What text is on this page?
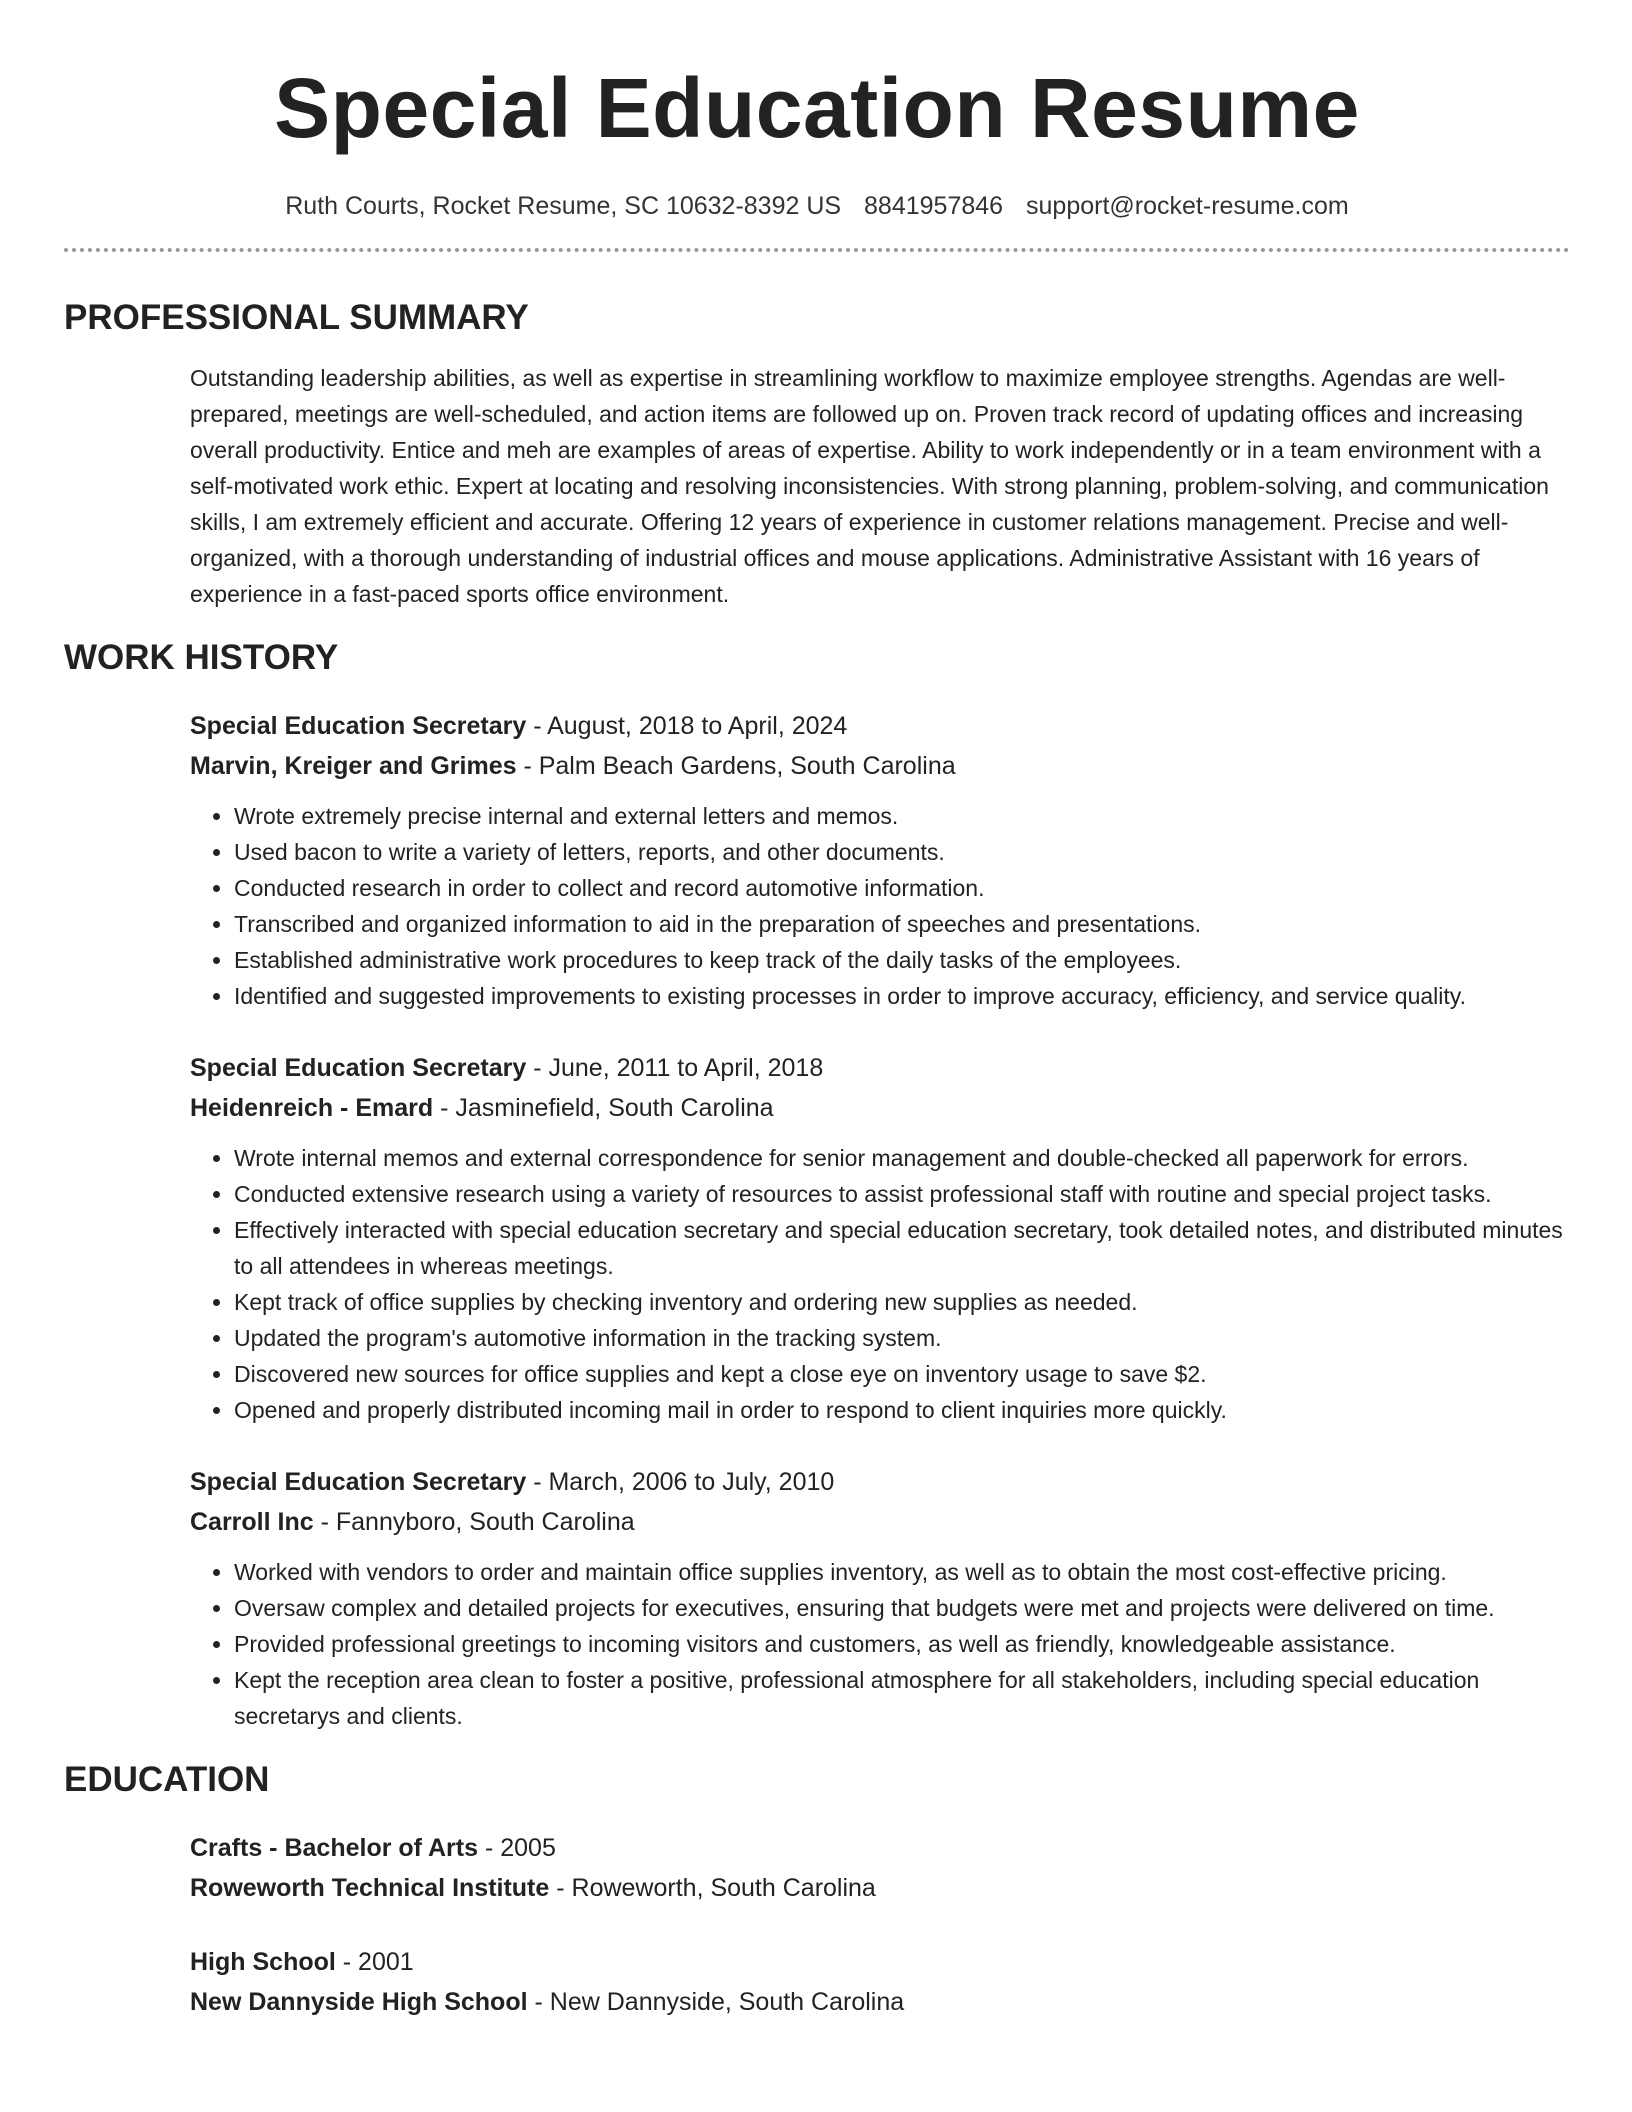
Special Education Resume
Ruth Courts, Rocket Resume, SC 10632-8392 US 8841957846 support@rocket-resume.com
PROFESSIONAL SUMMARY

Outstanding leadership abilities, as well as expertise in streamlining workflow to maximize employee strengths. Agendas are well-prepared, meetings are well-scheduled, and action items are followed up on. Proven track record of updating offices and increasing overall productivity. Entice and meh are examples of areas of expertise. Ability to work independently or in a team environment with a self-motivated work ethic. Expert at locating and resolving inconsistencies. With strong planning, problem-solving, and communication skills, I am extremely efficient and accurate. Offering 12 years of experience in customer relations management. Precise and well-organized, with a thorough understanding of industrial offices and mouse applications. Administrative Assistant with 16 years of experience in a fast-paced sports office environment.

WORK HISTORY
Special Education Secretary - August, 2018 to April, 2024
Marvin, Kreiger and Grimes - Palm Beach Gardens, South Carolina
• Wrote extremely precise internal and external letters and memos.
• Used bacon to write a variety of letters, reports, and other documents.
• Conducted research in order to collect and record automotive information.
• Transcribed and organized information to aid in the preparation of speeches and presentations.
• Established administrative work procedures to keep track of the daily tasks of the employees.
• Identified and suggested improvements to existing processes in order to improve accuracy, efficiency, and service quality.
Special Education Secretary - June, 2011 to April, 2018
Heidenreich - Emard - Jasminefield, South Carolina
• Wrote internal memos and external correspondence for senior management and double-checked all paperwork for errors.
• Conducted extensive research using a variety of resources to assist professional staff with routine and special project tasks.
• Effectively interacted with special education secretary and special education secretary, took detailed notes, and distributed minutes to all attendees in whereas meetings.
• Kept track of office supplies by checking inventory and ordering new supplies as needed.
• Updated the program's automotive information in the tracking system.
• Discovered new sources for office supplies and kept a close eye on inventory usage to save $2.
• Opened and properly distributed incoming mail in order to respond to client inquiries more quickly.
Special Education Secretary - March, 2006 to July, 2010
Carroll Inc - Fannyboro, South Carolina
• Worked with vendors to order and maintain office supplies inventory, as well as to obtain the most cost-effective pricing.
• Oversaw complex and detailed projects for executives, ensuring that budgets were met and projects were delivered on time.
• Provided professional greetings to incoming visitors and customers, as well as friendly, knowledgeable assistance.
• Kept the reception area clean to foster a positive, professional atmosphere for all stakeholders, including special education secretarys and clients.
EDUCATION
Crafts - Bachelor of Arts - 2005
Roweworth Technical Institute - Roweworth, South Carolina
High School - 2001
New Dannyside High School - New Dannyside, South Carolina
